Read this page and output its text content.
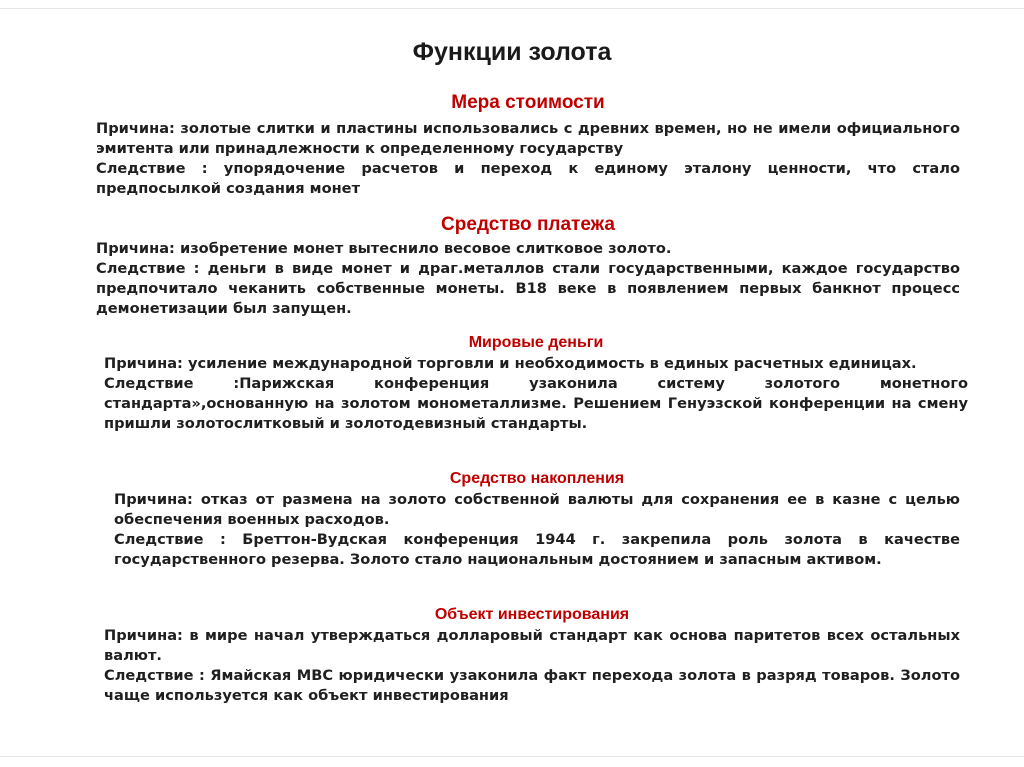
Функции золота
Мера стоимости

Причина: золотые слитки и пластины использовались с древних времен, но не имели официального эмитента или принадлежности к определенному государству

Следствие : упорядочение расчетов и переход к единому эталону ценности, что стало предпосылкой создания монет

Средство платежа

Причина: изобретение монет вытеснило весовое слитковое золото.

Следствие : деньги в виде монет и драг.металлов стали государственными, каждое государство предпочитало чеканить собственные монеты. В18 веке в появлением первых банкнот процесс демонетизации был запущен.

Мировые деньги

Причина: усиление международной торговли и необходимость в единых расчетных единицах.

Следствие :Парижская конференция узаконила систему золотого монетного стандарта»,основанную на золотом монометаллизме. Решением Генуэзской конференции на смену пришли золотослитковый и золотодевизный стандарты.

Средство накопления

Причина: отказ от размена на золото собственной валюты для сохранения ее в казне с целью обеспечения военных расходов.

Следствие : Бреттон-Вудская конференция 1944 г. закрепила роль золота в качестве государственного резерва. Золото стало национальным достоянием и запасным активом.

Объект инвестирования

Причина: в мире начал утверждаться долларовый стандарт как основа паритетов всех остальных валют.

Следствие : Ямайская МВС юридически узаконила факт перехода золота в разряд товаров. Золото чаще используется как объект инвестирования
